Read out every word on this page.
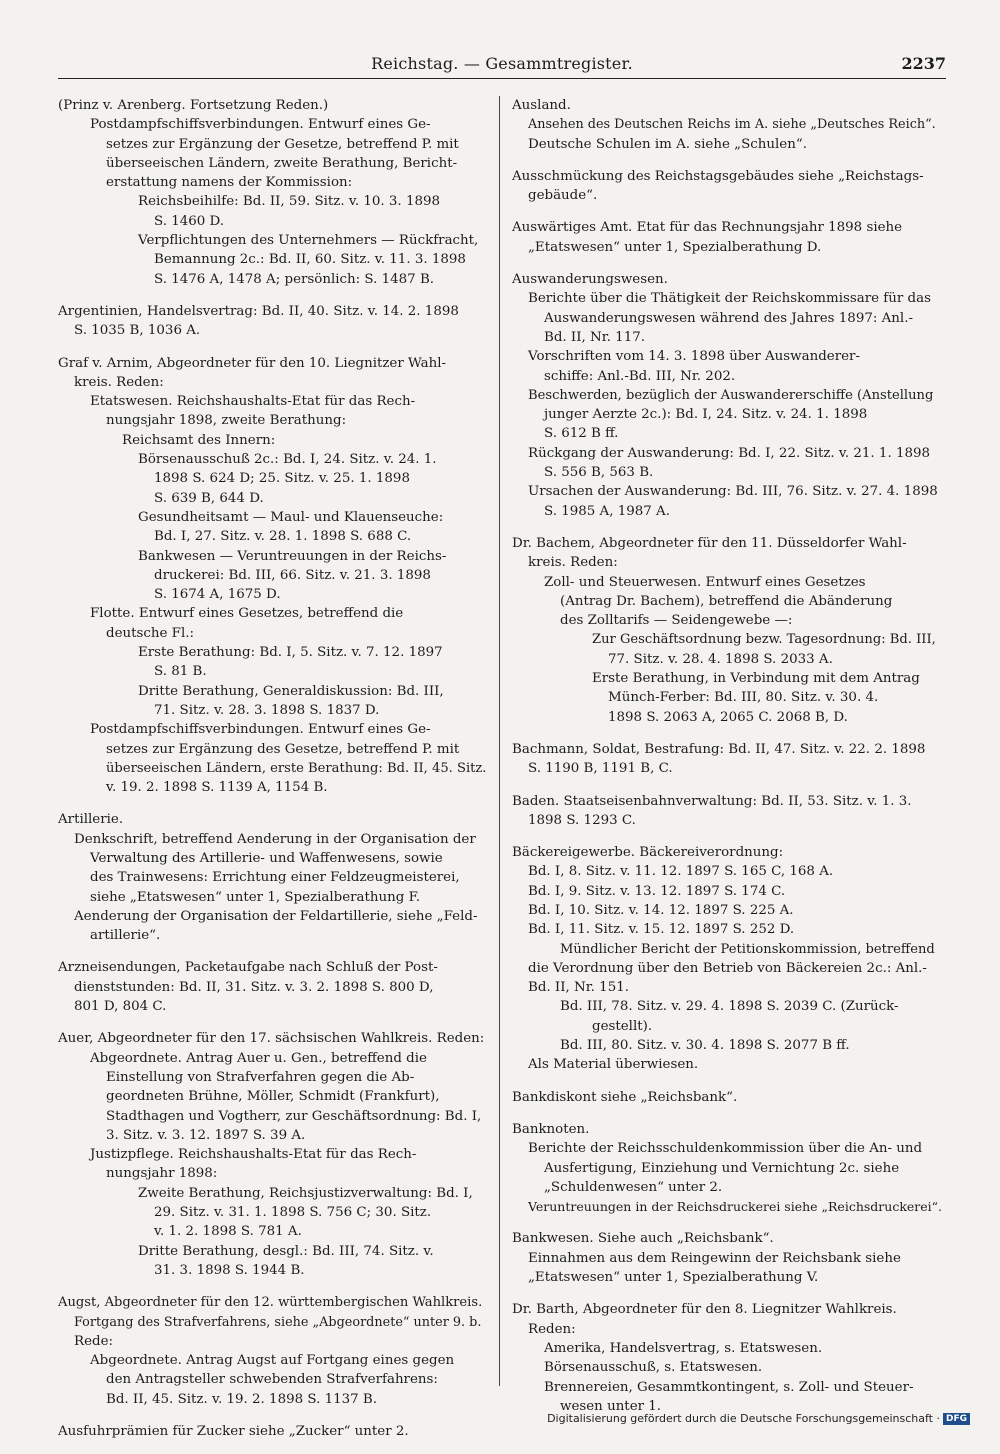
Reichstag. — Gesammtregister.	2237
(Prinz v. Arenberg. Fortsetzung Reden.)
Postdampfschiffsverbindungen. Entwurf eines Ge-
setzes zur Ergänzung der Gesetze, betreffend P. mit
überseeischen Ländern, zweite Berathung, Bericht-
erstattung namens der Kommission:
Reichsbeihilfe: Bd. II, 59. Sitz. v. 10. 3. 1898
S. 1460 D.
Verpflichtungen des Unternehmers — Rückfracht,
Bemannung 2c.: Bd. II, 60. Sitz. v. 11. 3. 1898
S. 1476 A, 1478 A; persönlich: S. 1487 B.
Argentinien, Handelsvertrag: Bd. II, 40. Sitz. v. 14. 2. 1898
S. 1035 B, 1036 A.
Graf v. Arnim, Abgeordneter für den 10. Liegnitzer Wahl-
kreis. Reden:
Etatswesen. Reichshaushalts-Etat für das Rech-
nungsjahr 1898, zweite Berathung:
Reichsamt des Innern:
Börsenausschuß 2c.: Bd. I, 24. Sitz. v. 24. 1.
1898 S. 624 D; 25. Sitz. v. 25. 1. 1898
S. 639 B, 644 D.
Gesundheitsamt — Maul- und Klauenseuche:
Bd. I, 27. Sitz. v. 28. 1. 1898 S. 688 C.
Bankwesen — Veruntreuungen in der Reichs-
druckerei: Bd. III, 66. Sitz. v. 21. 3. 1898
S. 1674 A, 1675 D.
Flotte. Entwurf eines Gesetzes, betreffend die
deutsche Fl.:
Erste Berathung: Bd. I, 5. Sitz. v. 7. 12. 1897
S. 81 B.
Dritte Berathung, Generaldiskussion: Bd. III,
71. Sitz. v. 28. 3. 1898 S. 1837 D.
Postdampfschiffsverbindungen. Entwurf eines Ge-
setzes zur Ergänzung des Gesetze, betreffend P. mit
überseeischen Ländern, erste Berathung: Bd. II, 45. Sitz.
v. 19. 2. 1898 S. 1139 A, 1154 B.
Artillerie.
Denkschrift, betreffend Aenderung in der Organisation der
Verwaltung des Artillerie- und Waffenwesens, sowie
des Trainwesens: Errichtung einer Feldzeugmeisterei,
siehe „Etatswesen“ unter 1, Spezialberathung F.
Aenderung der Organisation der Feldartillerie, siehe „Feld-
artillerie“.
Arzneisendungen, Packetaufgabe nach Schluß der Post-
dienststunden: Bd. II, 31. Sitz. v. 3. 2. 1898 S. 800 D,
801 D, 804 C.
Auer, Abgeordneter für den 17. sächsischen Wahlkreis. Reden:
Abgeordnete. Antrag Auer u. Gen., betreffend die
Einstellung von Strafverfahren gegen die Ab-
geordneten Brühne, Möller, Schmidt (Frankfurt),
Stadthagen und Vogtherr, zur Geschäftsordnung: Bd. I,
3. Sitz. v. 3. 12. 1897 S. 39 A.
Justizpflege. Reichshaushalts-Etat für das Rech-
nungsjahr 1898:
Zweite Berathung, Reichsjustizverwaltung: Bd. I,
29. Sitz. v. 31. 1. 1898 S. 756 C; 30. Sitz.
v. 1. 2. 1898 S. 781 A.
Dritte Berathung, desgl.: Bd. III, 74. Sitz. v.
31. 3. 1898 S. 1944 B.
Augst, Abgeordneter für den 12. württembergischen Wahlkreis.
Fortgang des Strafverfahrens, siehe „Abgeordnete“ unter 9. b.
Rede:
Abgeordnete. Antrag Augst auf Fortgang eines gegen
den Antragsteller schwebenden Strafverfahrens:
Bd. II, 45. Sitz. v. 19. 2. 1898 S. 1137 B.
Ausfuhrprämien für Zucker siehe „Zucker“ unter 2.
Ausland.
Ansehen des Deutschen Reichs im A. siehe „Deutsches Reich“.
Deutsche Schulen im A. siehe „Schulen“.
Ausschmückung des Reichstagsgebäudes siehe „Reichstags-
gebäude“.
Auswärtiges Amt. Etat für das Rechnungsjahr 1898 siehe
„Etatswesen“ unter 1, Spezialberathung D.
Auswanderungswesen.
Berichte über die Thätigkeit der Reichskommissare für das
Auswanderungswesen während des Jahres 1897: Anl.-
Bd. II, Nr. 117.
Vorschriften vom 14. 3. 1898 über Auswanderer-
schiffe: Anl.-Bd. III, Nr. 202.
Beschwerden, bezüglich der Auswandererschiffe (Anstellung
junger Aerzte 2c.): Bd. I, 24. Sitz. v. 24. 1. 1898
S. 612 B ff.
Rückgang der Auswanderung: Bd. I, 22. Sitz. v. 21. 1. 1898
S. 556 B, 563 B.
Ursachen der Auswanderung: Bd. III, 76. Sitz. v. 27. 4. 1898
S. 1985 A, 1987 A.
Dr. Bachem, Abgeordneter für den 11. Düsseldorfer Wahl-
kreis. Reden:
Zoll- und Steuerwesen. Entwurf eines Gesetzes
(Antrag Dr. Bachem), betreffend die Abänderung
des Zolltarifs — Seidengewebe —:
Zur Geschäftsordnung bezw. Tagesordnung: Bd. III,
77. Sitz. v. 28. 4. 1898 S. 2033 A.
Erste Berathung, in Verbindung mit dem Antrag
Münch-Ferber: Bd. III, 80. Sitz. v. 30. 4.
1898 S. 2063 A, 2065 C. 2068 B, D.
Bachmann, Soldat, Bestrafung: Bd. II, 47. Sitz. v. 22. 2. 1898
S. 1190 B, 1191 B, C.
Baden. Staatseisenbahnverwaltung: Bd. II, 53. Sitz. v. 1. 3.
1898 S. 1293 C.
Bäckereigewerbe. Bäckereiverordnung:
Bd. I, 8. Sitz. v. 11. 12. 1897 S. 165 C, 168 A.
Bd. I, 9. Sitz. v. 13. 12. 1897 S. 174 C.
Bd. I, 10. Sitz. v. 14. 12. 1897 S. 225 A.
Bd. I, 11. Sitz. v. 15. 12. 1897 S. 252 D.
Mündlicher Bericht der Petitionskommission, betreffend
die Verordnung über den Betrieb von Bäckereien 2c.: Anl.-
Bd. II, Nr. 151.
Bd. III, 78. Sitz. v. 29. 4. 1898 S. 2039 C. (Zurück-
gestellt).
Bd. III, 80. Sitz. v. 30. 4. 1898 S. 2077 B ff.
Als Material überwiesen.
Bankdiskont siehe „Reichsbank“.
Banknoten.
Berichte der Reichsschuldenkommission über die An- und
Ausfertigung, Einziehung und Vernichtung 2c. siehe
„Schuldenwesen“ unter 2.
Veruntreuungen in der Reichsdruckerei siehe „Reichsdruckerei“.
Bankwesen. Siehe auch „Reichsbank“.
Einnahmen aus dem Reingewinn der Reichsbank siehe
„Etatswesen“ unter 1, Spezialberathung V.
Dr. Barth, Abgeordneter für den 8. Liegnitzer Wahlkreis.
Reden:
Amerika, Handelsvertrag, s. Etatswesen.
Börsenausschuß, s. Etatswesen.
Brennereien, Gesammtkontingent, s. Zoll- und Steuer-
wesen unter 1.
Digitalisierung gefördert durch die Deutsche Forschungsgemeinschaft · DFG
